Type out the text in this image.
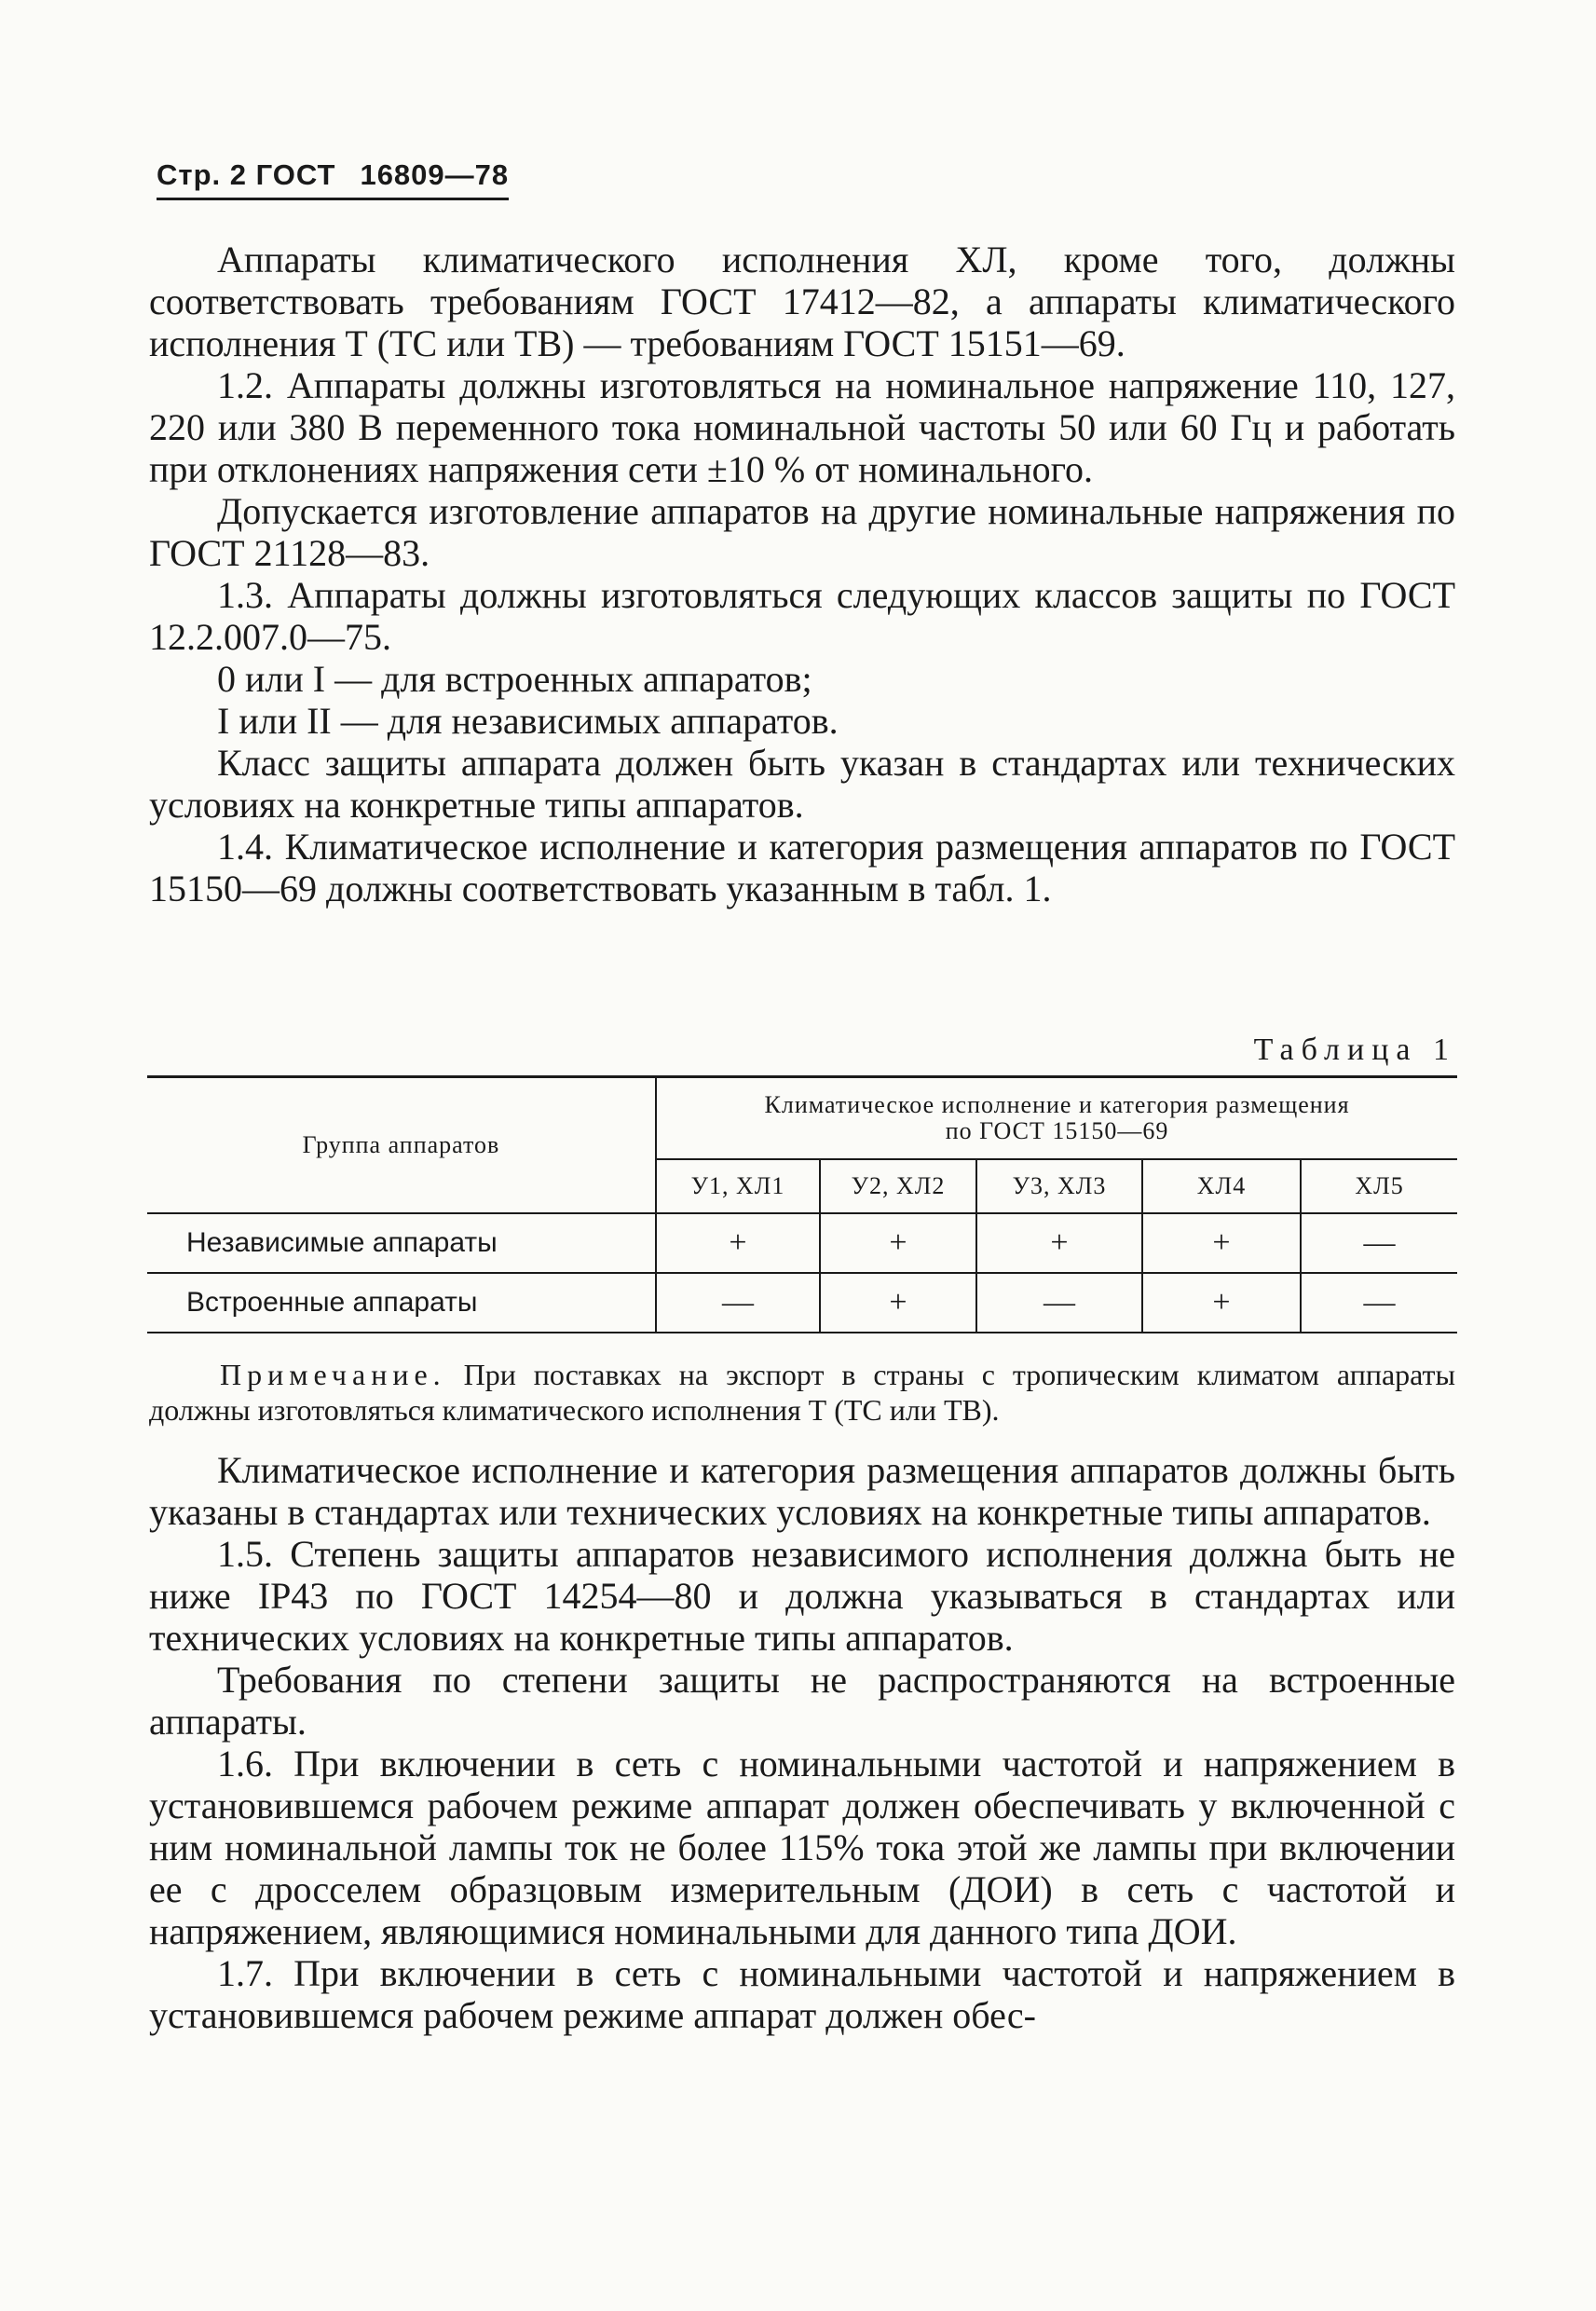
Стр. 2 ГОСТ 16809—78

Аппараты климатического исполнения ХЛ, кроме того, должны соответствовать требованиям ГОСТ 17412—82, а аппараты климатического исполнения Т (ТС или ТВ) — требованиям ГОСТ 15151—69.

1.2. Аппараты должны изготовляться на номинальное напряжение 110, 127, 220 или 380 В переменного тока номинальной частоты 50 или 60 Гц и работать при отклонениях напряжения сети ±10 % от номинального.

Допускается изготовление аппаратов на другие номинальные напряжения по ГОСТ 21128—83.

1.3. Аппараты должны изготовляться следующих классов защиты по ГОСТ 12.2.007.0—75.

0 или I — для встроенных аппаратов;

I или II — для независимых аппаратов.

Класс защиты аппарата должен быть указан в стандартах или технических условиях на конкретные типы аппаратов.

1.4. Климатическое исполнение и категория размещения аппаратов по ГОСТ 15150—69 должны соответствовать указанным в табл. 1.

Таблица 1
Группа аппаратов	Климатическое исполнение и категория размещения по ГОСТ 15150—69				

	У1, ХЛ1	У2, ХЛ2	У3, ХЛ3	ХЛ4	ХЛ5
Независимые аппараты	+	+	+	+	—
Встроенные аппараты	—	+	—	+	—

Примечание. При поставках на экспорт в страны с тропическим климатом аппараты должны изготовляться климатического исполнения Т (ТС или ТВ).

Климатическое исполнение и категория размещения аппаратов должны быть указаны в стандартах или технических условиях на конкретные типы аппаратов.

1.5. Степень защиты аппаратов независимого исполнения должна быть не ниже IP43 по ГОСТ 14254—80 и должна указываться в стандартах или технических условиях на конкретные типы аппаратов.

Требования по степени защиты не распространяются на встроенные аппараты.

1.6. При включении в сеть с номинальными частотой и напряжением в установившемся рабочем режиме аппарат должен обеспечивать у включенной с ним номинальной лампы ток не более 115% тока этой же лампы при включении ее с дросселем образцовым измерительным (ДОИ) в сеть с частотой и напряжением, являющимися номинальными для данного типа ДОИ.

1.7. При включении в сеть с номинальными частотой и напряжением в установившемся рабочем режиме аппарат должен обес-
